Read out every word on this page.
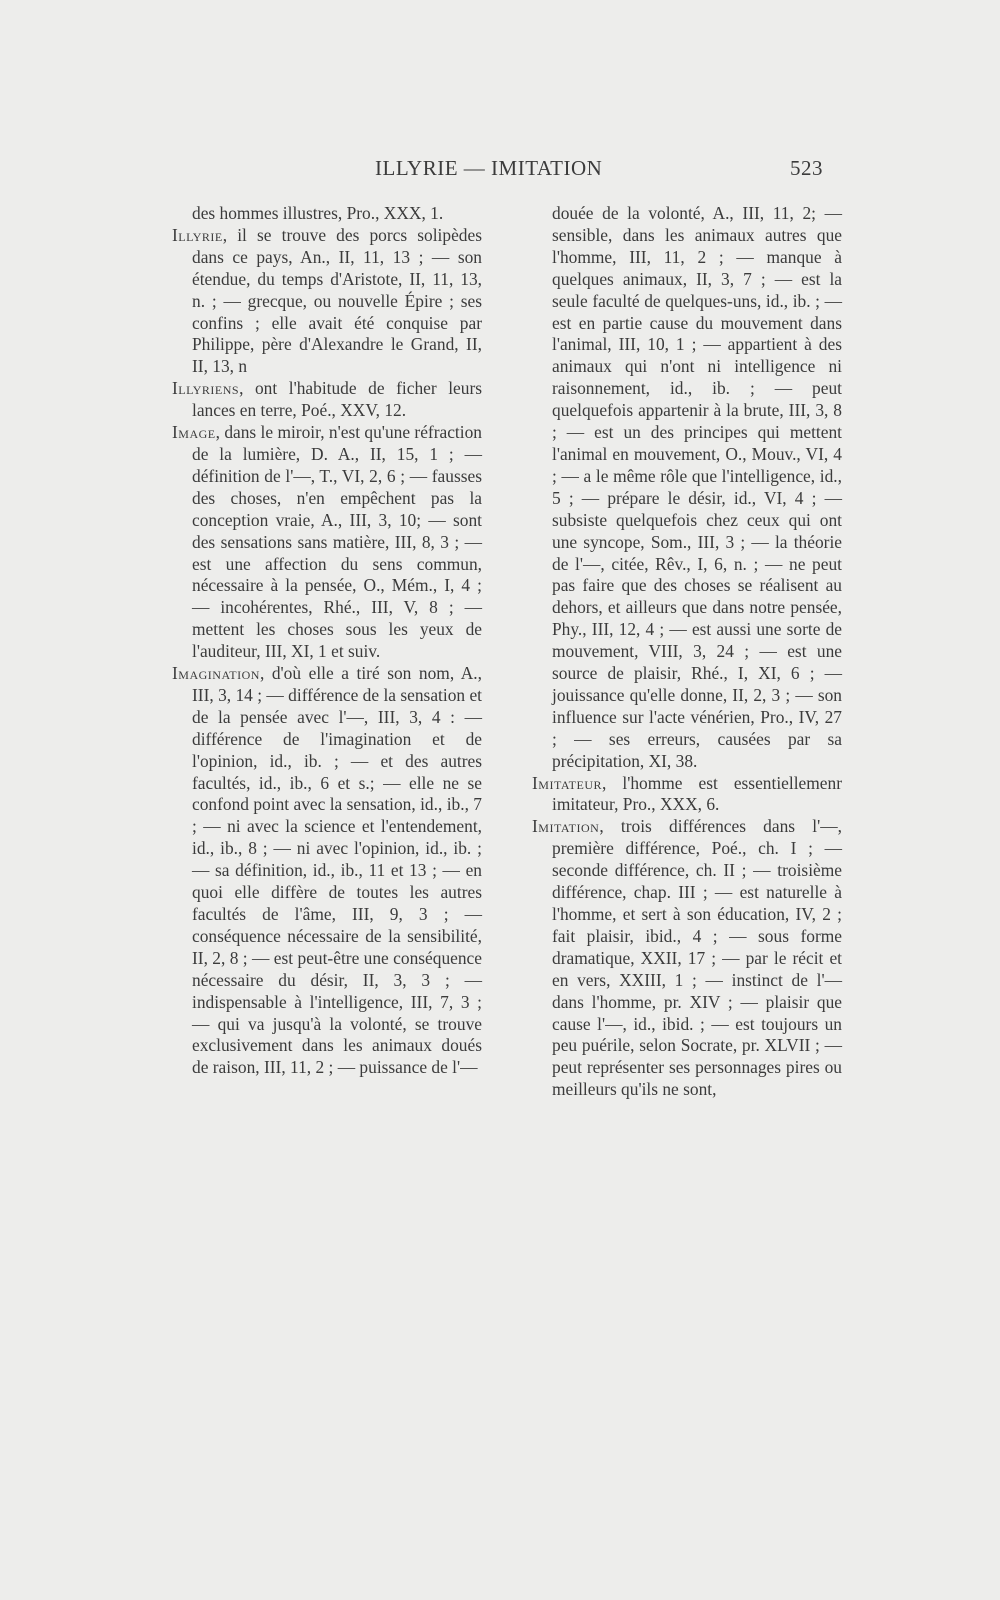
ILLYRIE — IMITATION	523

des hommes illustres, Pro., XXX, 1.

Illyrie, il se trouve des porcs solipèdes dans ce pays, An., II, 11, 13 ; — son étendue, du temps d'Aristote, II, 11, 13, n. ; — grecque, ou nouvelle Épire ; ses confins ; elle avait été conquise par Philippe, père d'Alexandre le Grand, II, II, 13, n

Illyriens, ont l'habitude de ficher leurs lances en terre, Poé., XXV, 12.

Image, dans le miroir, n'est qu'une réfraction de la lumière, D. A., II, 15, 1 ; — définition de l'—, T., VI, 2, 6 ; — fausses des choses, n'en empêchent pas la conception vraie, A., III, 3, 10; — sont des sensations sans matière, III, 8, 3 ; — est une affection du sens commun, nécessaire à la pensée, O., Mém., I, 4 ; — incohérentes, Rhé., III, V, 8 ; — mettent les choses sous les yeux de l'auditeur, III, XI, 1 et suiv.

Imagination, d'où elle a tiré son nom, A., III, 3, 14 ; — différence de la sensation et de la pensée avec l'—, III, 3, 4 : — différence de l'imagination et de l'opinion, id., ib. ; — et des autres facultés, id., ib., 6 et s.; — elle ne se confond point avec la sensation, id., ib., 7 ; — ni avec la science et l'entendement, id., ib., 8 ; — ni avec l'opinion, id., ib. ; — sa définition, id., ib., 11 et 13 ; — en quoi elle diffère de toutes les autres facultés de l'âme, III, 9, 3 ; — conséquence nécessaire de la sensibilité, II, 2, 8 ; — est peut-être une conséquence nécessaire du désir, II, 3, 3 ; — indispensable à l'intelligence, III, 7, 3 ; — qui va jusqu'à la volonté, se trouve exclusivement dans les animaux doués de raison, III, 11, 2 ; — puissance de l'—

douée de la volonté, A., III, 11, 2; — sensible, dans les animaux autres que l'homme, III, 11, 2 ; — manque à quelques animaux, II, 3, 7 ; — est la seule faculté de quelques-uns, id., ib. ; — est en partie cause du mouvement dans l'animal, III, 10, 1 ; — appartient à des animaux qui n'ont ni intelligence ni raisonnement, id., ib. ; — peut quelquefois appartenir à la brute, III, 3, 8 ; — est un des principes qui mettent l'animal en mouvement, O., Mouv., VI, 4 ; — a le même rôle que l'intelligence, id., 5 ; — prépare le désir, id., VI, 4 ; — subsiste quelquefois chez ceux qui ont une syncope, Som., III, 3 ; — la théorie de l'—, citée, Rêv., I, 6, n. ; — ne peut pas faire que des choses se réalisent au dehors, et ailleurs que dans notre pensée, Phy., III, 12, 4 ; — est aussi une sorte de mouvement, VIII, 3, 24 ; — est une source de plaisir, Rhé., I, XI, 6 ; — jouissance qu'elle donne, II, 2, 3 ; — son influence sur l'acte vénérien, Pro., IV, 27 ; — ses erreurs, causées par sa précipitation, XI, 38.

Imitateur, l'homme est essentiellemenr imitateur, Pro., XXX, 6.

Imitation, trois différences dans l'—, première différence, Poé., ch. I ; — seconde différence, ch. II ; — troisième différence, chap. III ; — est naturelle à l'homme, et sert à son éducation, IV, 2 ; fait plaisir, ibid., 4 ; — sous forme dramatique, XXII, 17 ; — par le récit et en vers, XXIII, 1 ; — instinct de l'— dans l'homme, pr. XIV ; — plaisir que cause l'—, id., ibid. ; — est toujours un peu puérile, selon Socrate, pr. XLVII ; — peut représenter ses personnages pires ou meilleurs qu'ils ne sont,
